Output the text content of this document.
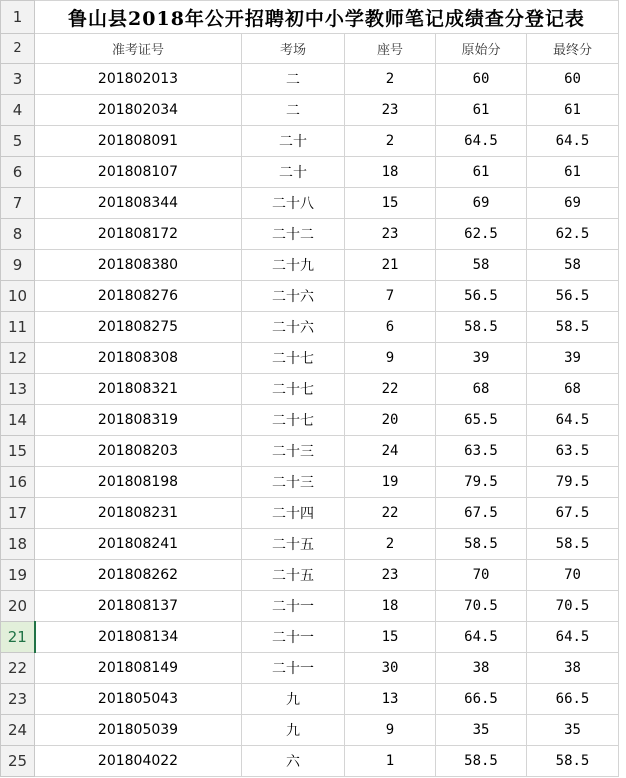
1	鲁山县2018年公开招聘初中小学教师笔记成绩查分登记表				
2	准考证号	考场	座号	原始分	最终分
3	201802013	二	2	60	60
4	201802034	二	23	61	61
5	201808091	二十	2	64.5	64.5
6	201808107	二十	18	61	61
7	201808344	二十八	15	69	69
8	201808172	二十二	23	62.5	62.5
9	201808380	二十九	21	58	58
10	201808276	二十六	7	56.5	56.5
11	201808275	二十六	6	58.5	58.5
12	201808308	二十七	9	39	39
13	201808321	二十七	22	68	68
14	201808319	二十七	20	65.5	64.5
15	201808203	二十三	24	63.5	63.5
16	201808198	二十三	19	79.5	79.5
17	201808231	二十四	22	67.5	67.5
18	201808241	二十五	2	58.5	58.5
19	201808262	二十五	23	70	70
20	201808137	二十一	18	70.5	70.5
21	201808134	二十一	15	64.5	64.5
22	201808149	二十一	30	38	38
23	201805043	九	13	66.5	66.5
24	201805039	九	9	35	35
25	201804022	六	1	58.5	58.5
